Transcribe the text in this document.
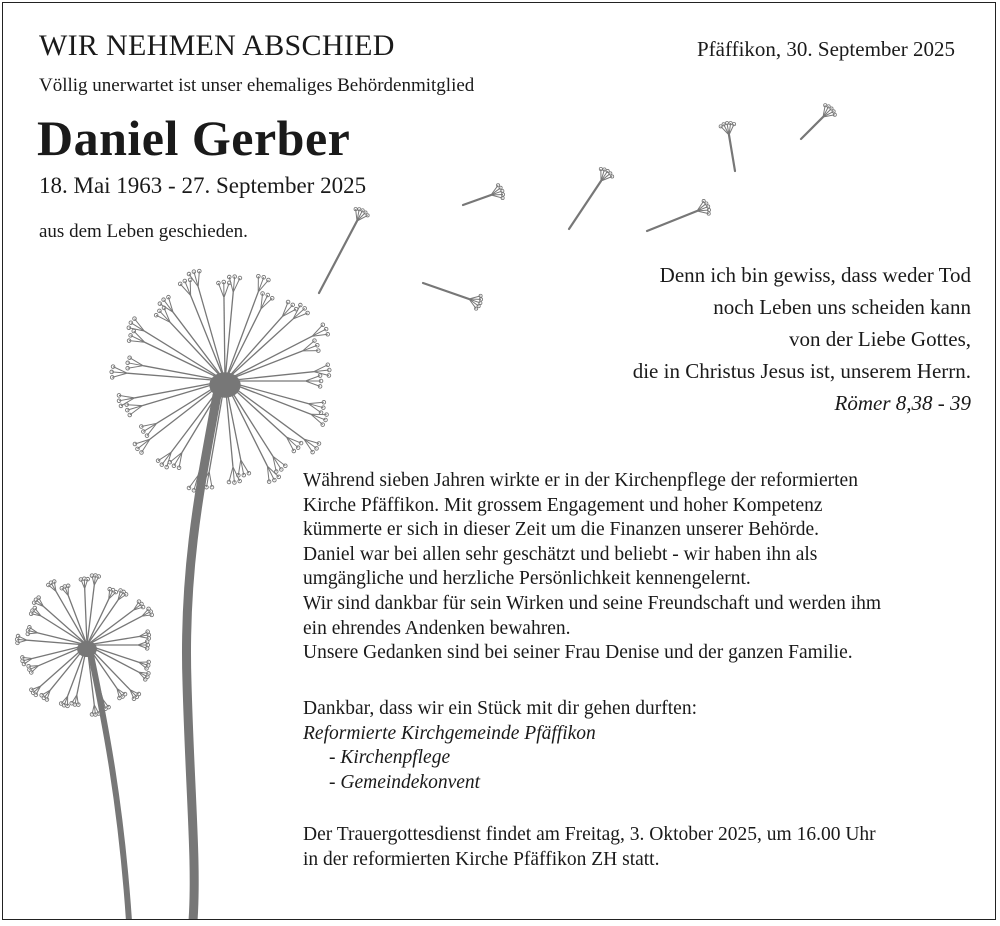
WIR NEHMEN ABSCHIED	Pfäffikon, 30. September 2025
Völlig unerwartet ist unser ehemaliges Behördenmitglied
Daniel Gerber
18. Mai 1963 - 27. September 2025
aus dem Leben geschieden.
Denn ich bin gewiss, dass weder Tod
noch Leben uns scheiden kann
von der Liebe Gottes,
die in Christus Jesus ist, unserem Herrn.
Römer 8,38 - 39
Während sieben Jahren wirkte er in der Kirchenpflege der reformierten
Kirche Pfäffikon. Mit grossem Engagement und hoher Kompetenz
kümmerte er sich in dieser Zeit um die Finanzen unserer Behörde.
Daniel war bei allen sehr geschätzt und beliebt - wir haben ihn als
umgängliche und herzliche Persönlichkeit kennengelernt.
Wir sind dankbar für sein Wirken und seine Freundschaft und werden ihm
ein ehrendes Andenken bewahren.
Unsere Gedanken sind bei seiner Frau Denise und der ganzen Familie.
Dankbar, dass wir ein Stück mit dir gehen durften:
Reformierte Kirchgemeinde Pfäffikon
- Kirchenpflege
- Gemeindekonvent
Der Trauergottesdienst findet am Freitag, 3. Oktober 2025, um 16.00 Uhr
in der reformierten Kirche Pfäffikon ZH statt.
